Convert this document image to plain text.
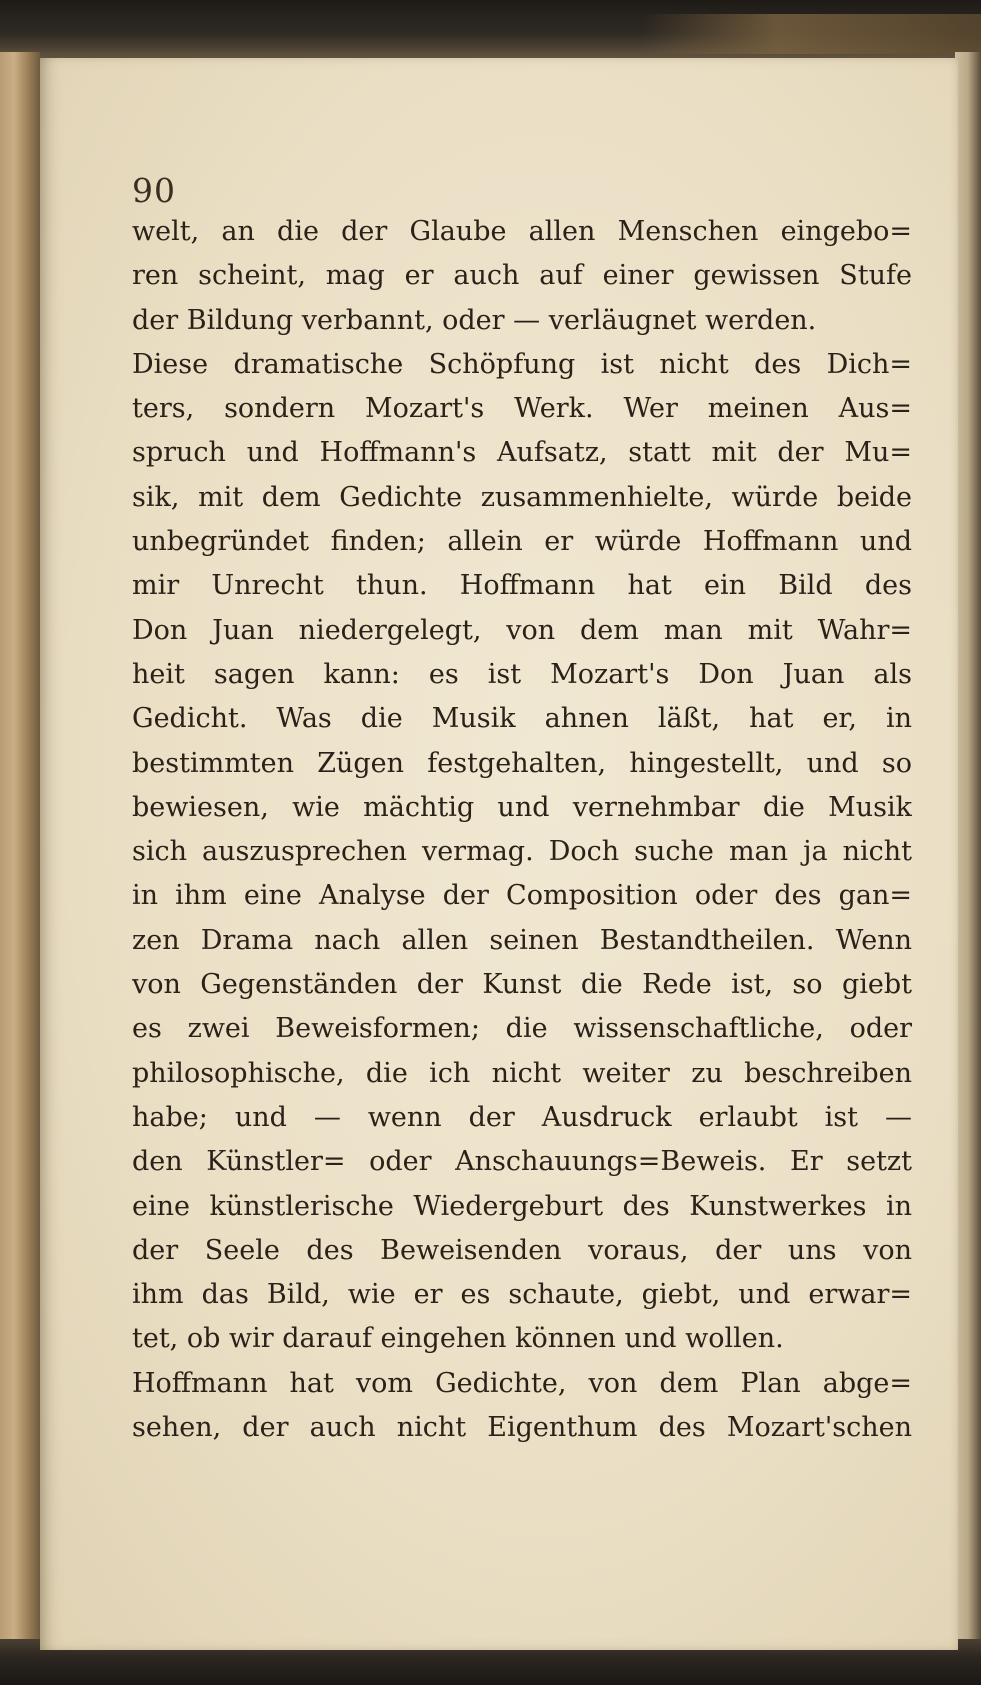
90

welt, an die der Glaube allen Menschen eingebo=
ren scheint, mag er auch auf einer gewissen Stufe
der Bildung verbannt, oder — verläugnet werden.
Diese dramatische Schöpfung ist nicht des Dich=
ters, sondern Mozart's Werk. Wer meinen Aus=
spruch und Hoffmann's Aufsatz, statt mit der Mu=
sik, mit dem Gedichte zusammenhielte, würde beide
unbegründet finden; allein er würde Hoffmann und
mir Unrecht thun. Hoffmann hat ein Bild des
Don Juan niedergelegt, von dem man mit Wahr=
heit sagen kann: es ist Mozart's Don Juan als
Gedicht. Was die Musik ahnen läßt, hat er, in
bestimmten Zügen festgehalten, hingestellt, und so
bewiesen, wie mächtig und vernehmbar die Musik
sich auszusprechen vermag. Doch suche man ja nicht
in ihm eine Analyse der Composition oder des gan=
zen Drama nach allen seinen Bestandtheilen. Wenn
von Gegenständen der Kunst die Rede ist, so giebt
es zwei Beweisformen; die wissenschaftliche, oder
philosophische, die ich nicht weiter zu beschreiben
habe; und — wenn der Ausdruck erlaubt ist —
den Künstler= oder Anschauungs=Beweis. Er setzt
eine künstlerische Wiedergeburt des Kunstwerkes in
der Seele des Beweisenden voraus, der uns von
ihm das Bild, wie er es schaute, giebt, und erwar=
tet, ob wir darauf eingehen können und wollen.
Hoffmann hat vom Gedichte, von dem Plan abge=
sehen, der auch nicht Eigenthum des Mozart'schen
